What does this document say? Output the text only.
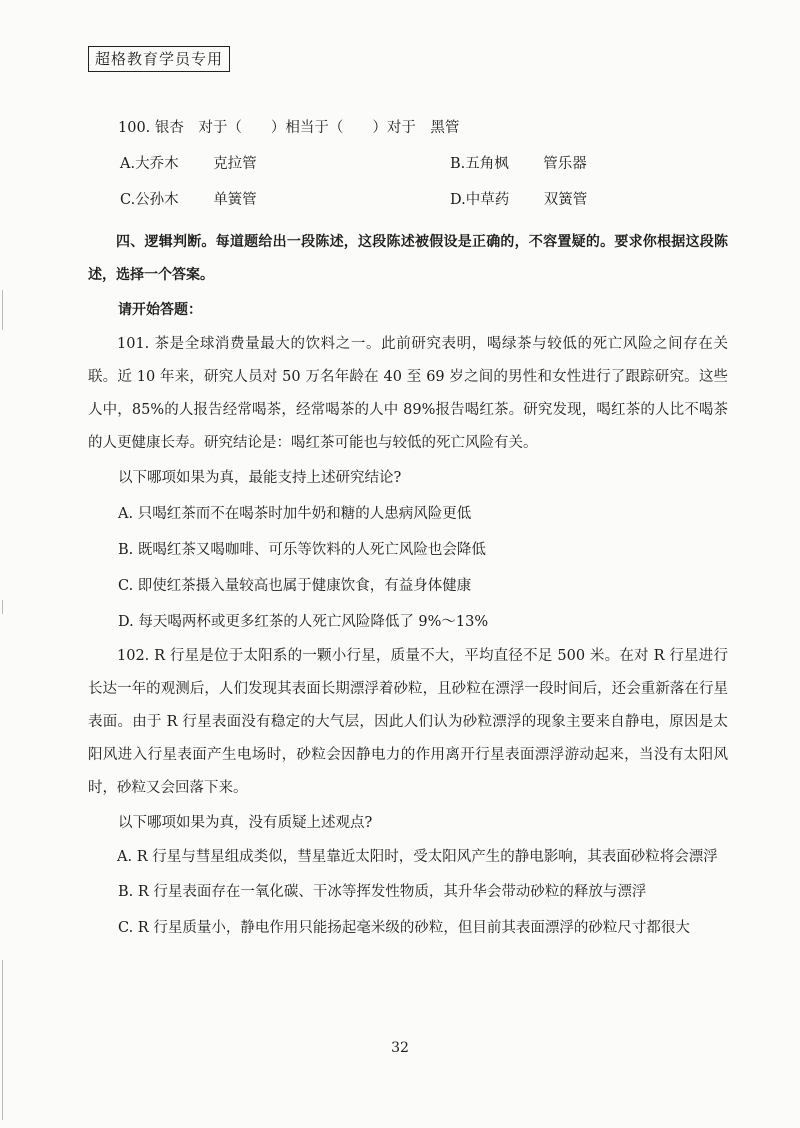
超格教育学员专用
100. 银杏　对于（　　）相当于（　　）对于　黑管
A.大乔木 克拉管	B.五角枫 管乐器
C.公孙木 单簧管	D.中草药 双簧管

四、逻辑判断。每道题给出一段陈述，这段陈述被假设是正确的，不容置疑的。要求你根据这段陈述，选择一个答案。

请开始答题：

101. 茶是全球消费量最大的饮料之一。此前研究表明，喝绿茶与较低的死亡风险之间存在关联。近 10 年来，研究人员对 50 万名年龄在 40 至 69 岁之间的男性和女性进行了跟踪研究。这些人中，85%的人报告经常喝茶，经常喝茶的人中 89%报告喝红茶。研究发现，喝红茶的人比不喝茶的人更健康长寿。研究结论是：喝红茶可能也与较低的死亡风险有关。

以下哪项如果为真，最能支持上述研究结论?
A. 只喝红茶而不在喝茶时加牛奶和糖的人患病风险更低
B. 既喝红茶又喝咖啡、可乐等饮料的人死亡风险也会降低
C. 即使红茶摄入量较高也属于健康饮食，有益身体健康
D. 每天喝两杯或更多红茶的人死亡风险降低了 9%～13%

102. R 行星是位于太阳系的一颗小行星，质量不大，平均直径不足 500 米。在对 R 行星进行长达一年的观测后，人们发现其表面长期漂浮着砂粒，且砂粒在漂浮一段时间后，还会重新落在行星表面。由于 R 行星表面没有稳定的大气层，因此人们认为砂粒漂浮的现象主要来自静电，原因是太阳风进入行星表面产生电场时，砂粒会因静电力的作用离开行星表面漂浮游动起来，当没有太阳风时，砂粒又会回落下来。

以下哪项如果为真，没有质疑上述观点?

A. R 行星与彗星组成类似，彗星靠近太阳时，受太阳风产生的静电影响，其表面砂粒将会漂浮

B. R 行星表面存在一氧化碳、干冰等挥发性物质，其升华会带动砂粒的释放与漂浮
C. R 行星质量小，静电作用只能扬起毫米级的砂粒，但目前其表面漂浮的砂粒尺寸都很大
32
